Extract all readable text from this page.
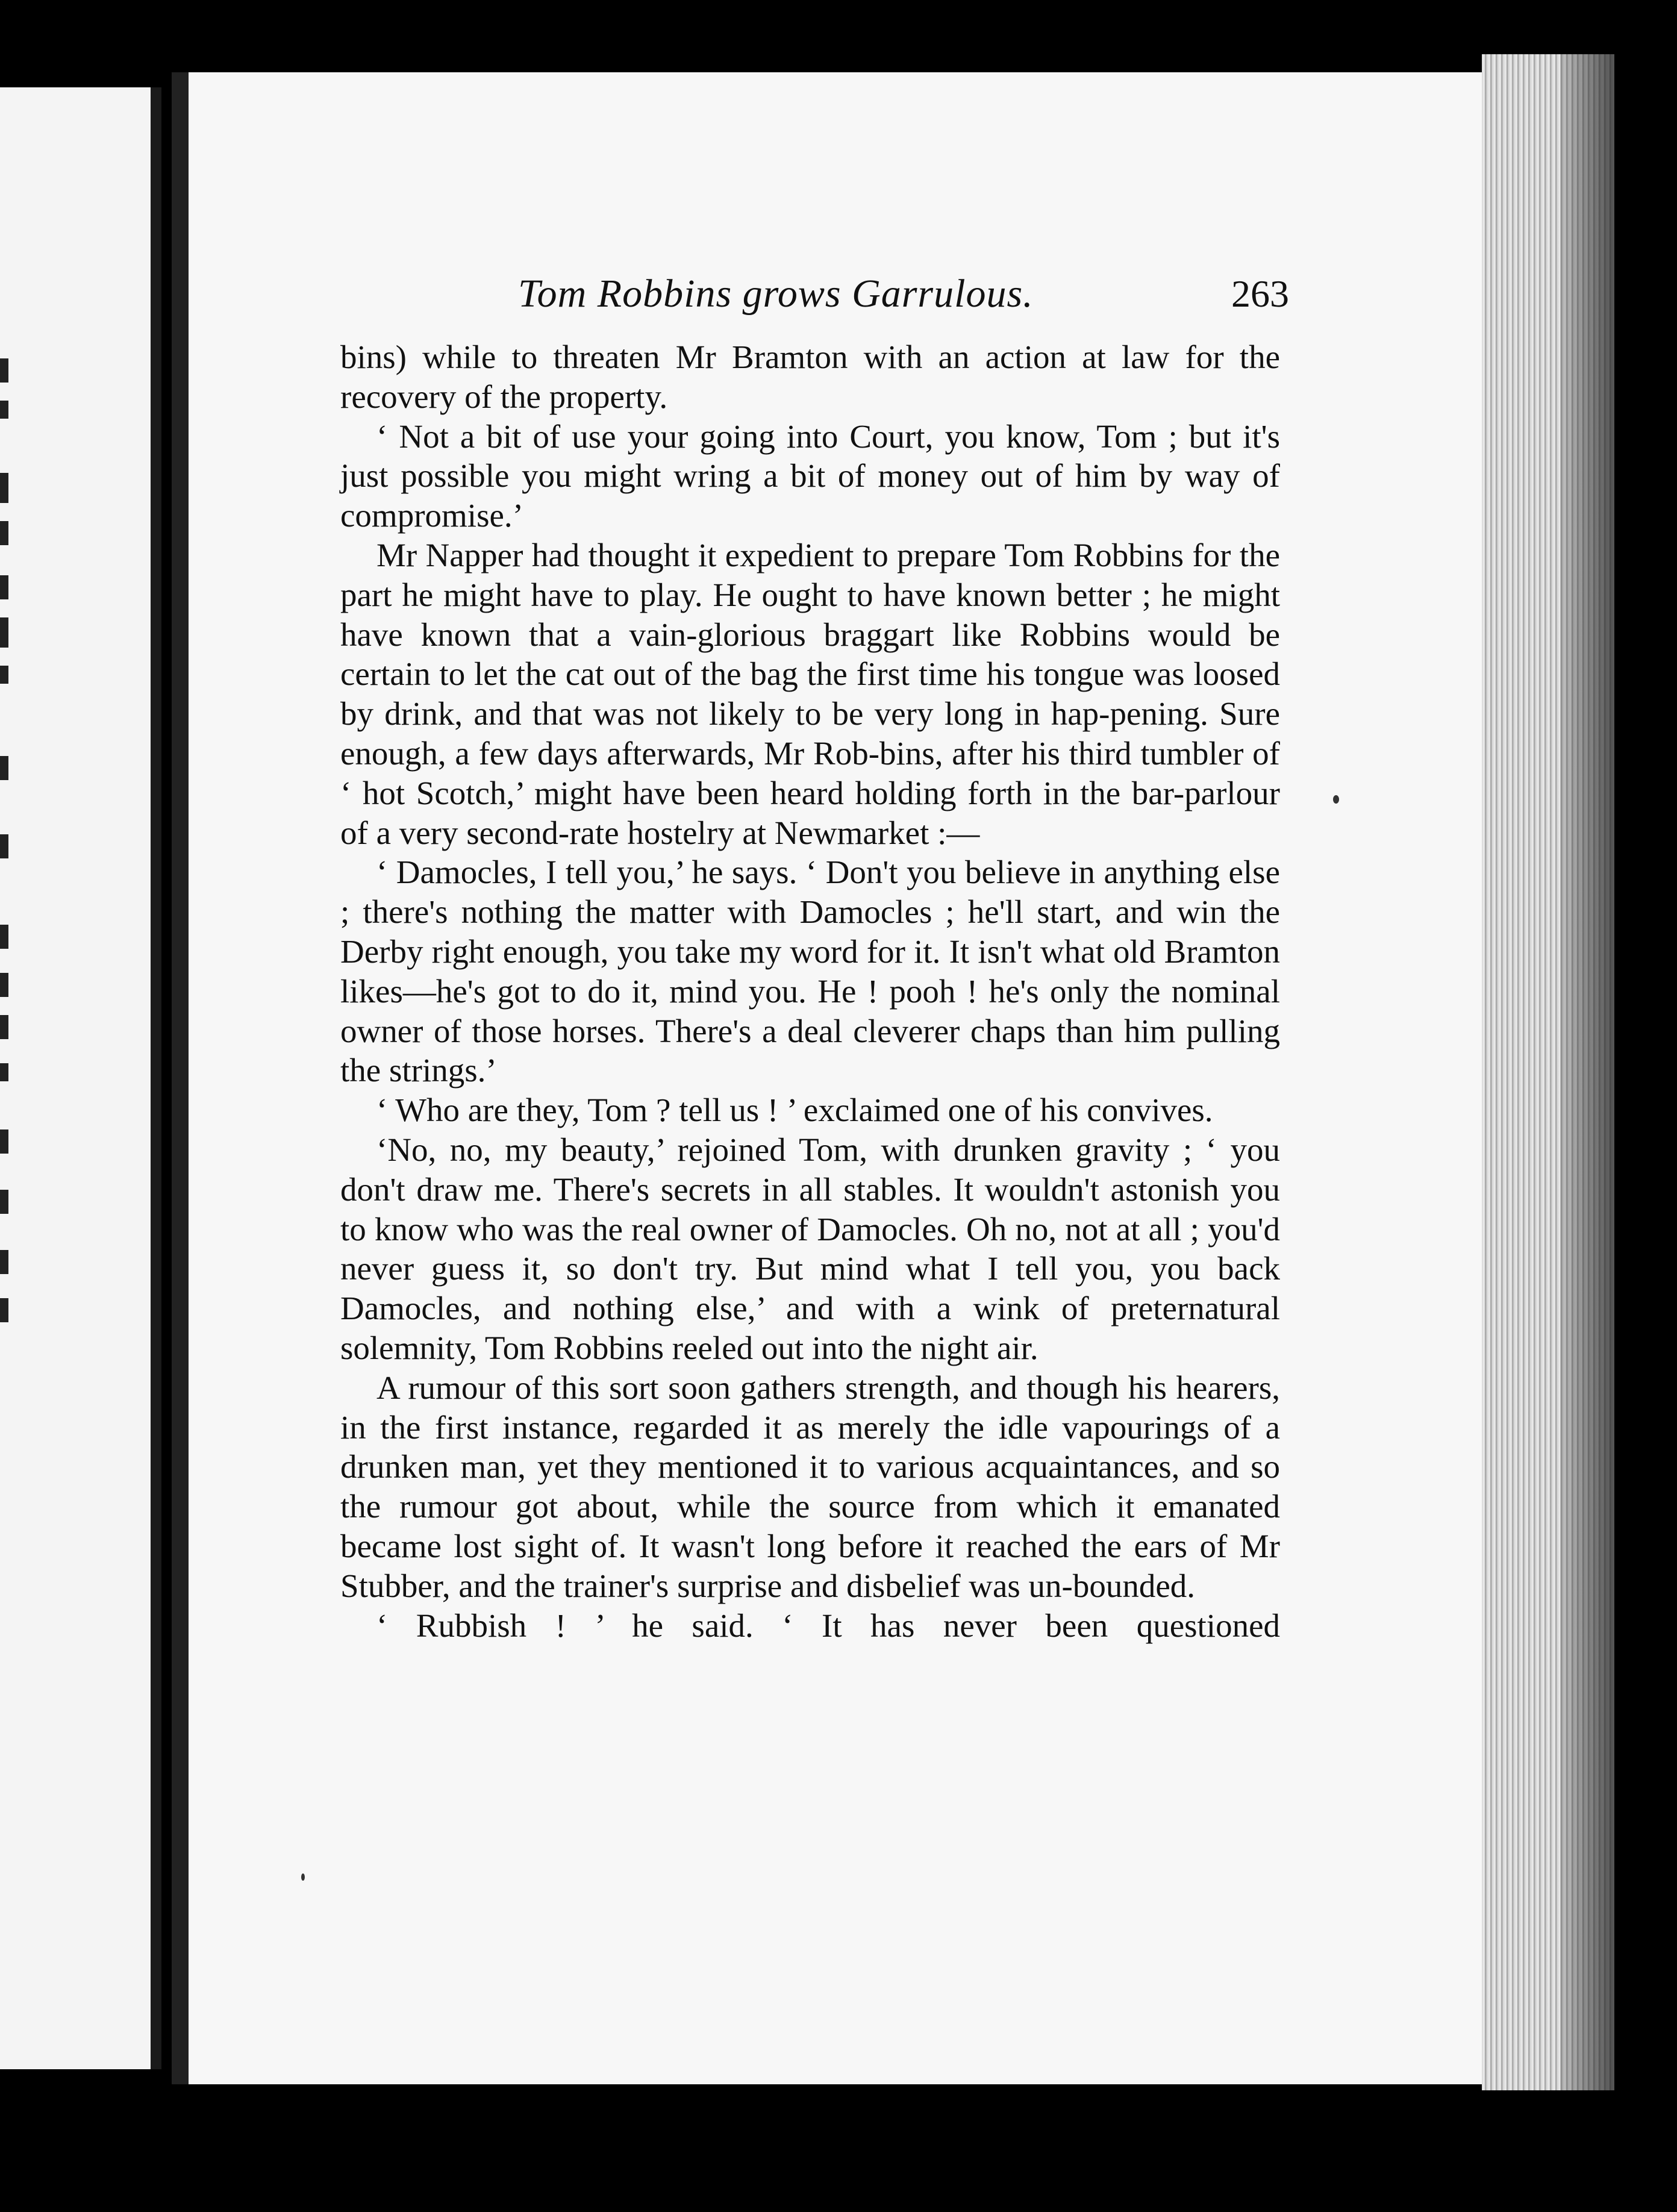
Tom Robbins grows Garrulous.	263

bins) while to threaten Mr Bramton with an action at law for the recovery of the property.

‘ Not a bit of use your going into Court, you know, Tom ; but it's just possible you might wring a bit of money out of him by way of compromise.’

Mr Napper had thought it expedient to prepare Tom Robbins for the part he might have to play. He ought to have known better ; he might have known that a vain-glorious braggart like Robbins would be certain to let the cat out of the bag the first time his tongue was loosed by drink, and that was not likely to be very long in hap-pening. Sure enough, a few days afterwards, Mr Rob-bins, after his third tumbler of ‘ hot Scotch,’ might have been heard holding forth in the bar-parlour of a very second-rate hostelry at Newmarket :—

‘ Damocles, I tell you,’ he says. ‘ Don't you believe in anything else ; there's nothing the matter with Damocles ; he'll start, and win the Derby right enough, you take my word for it. It isn't what old Bramton likes—he's got to do it, mind you. He ! pooh ! he's only the nominal owner of those horses. There's a deal cleverer chaps than him pulling the strings.’

‘ Who are they, Tom ? tell us ! ’ exclaimed one of his convives.

‘No, no, my beauty,’ rejoined Tom, with drunken gravity ; ‘ you don't draw me. There's secrets in all stables. It wouldn't astonish you to know who was the real owner of Damocles. Oh no, not at all ; you'd never guess it, so don't try. But mind what I tell you, you back Damocles, and nothing else,’ and with a wink of preternatural solemnity, Tom Robbins reeled out into the night air.

A rumour of this sort soon gathers strength, and though his hearers, in the first instance, regarded it as merely the idle vapourings of a drunken man, yet they mentioned it to various acquaintances, and so the rumour got about, while the source from which it emanated became lost sight of. It wasn't long before it reached the ears of Mr Stubber, and the trainer's surprise and disbelief was un-bounded.

‘ Rubbish ! ’ he said. ‘ It has never been questioned
